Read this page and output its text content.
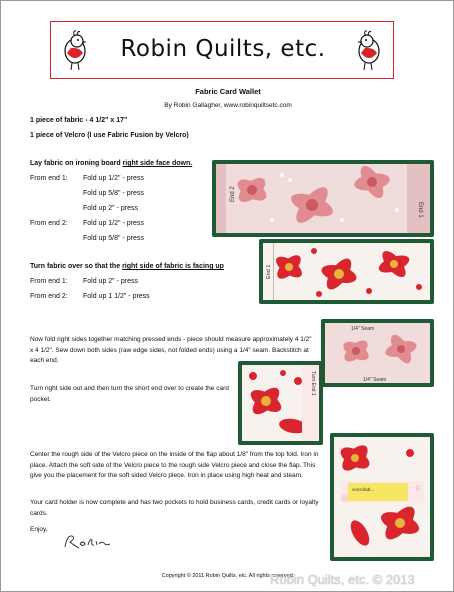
Robin Quilts, etc.
Fabric Card Wallet
By Robin Gallagher, www.robinquiltsetc.com
1 piece of fabric - 4 1/2" x 17"
1 piece of Velcro (I use Fabric Fusion by Velcro)
Lay fabric on ironing board right side face down.
From end 1: Fold up 1/2" - press
Fold up 5/8" - press
Fold up 2" - press
From end 2: Fold up 1/2" - press
Fold up 5/8" - press
Turn fabric over so that the right side of fabric is facing up
From end 1: Fold up 2" - press
From end 2: Fold up 1 1/2" - press
Now fold right sides together matching pressed ends - piece should measure approximately 4 1/2" x 4 1/2". Sew down both sides (raw edge sides, not folded ends) using a 1/4" seam. Backstitch at each end.
Turn right side out and then turn the short end over to create the card pocket.
Center the rough side of the Velcro piece on the inside of the flap about 1/8" from the top fold. Iron in place. Attach the soft side of the Velcro piece to the rough side Velcro piece and close the flap. This give you the placement for the soft sided Velcro piece. Iron in place using high heat and steam.
Your card holder is now complete and has two pockets to hold business cards, credit cards or loyalty cards.
Enjoy,
End 2
End 1
End 1
1/4" Seam
1/4" Seam
Turn End 1
velcrofab...
Copyright © 2011 Robin Quilts, etc. All rights reserved.
Robin Quilts, etc. © 2013
